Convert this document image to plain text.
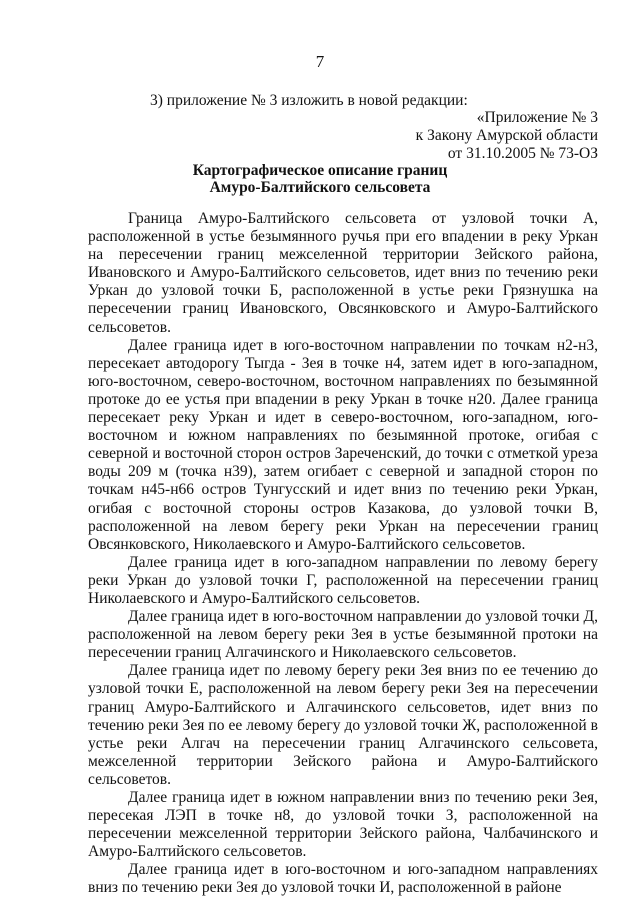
7
3) приложение № 3 изложить в новой редакции:
«Приложение № 3
к Закону Амурской области
от 31.10.2005 № 73-ОЗ
Картографическое описание границ
Амуро-Балтийского сельсовета

Граница Амуро-Балтийского сельсовета от узловой точки А, расположенной в устье безымянного ручья при его впадении в реку Уркан на пересечении границ межселенной территории Зейского района, Ивановского и Амуро-Балтийского сельсоветов, идет вниз по течению реки Уркан до узловой точки Б, расположенной в устье реки Грязнушка на пересечении границ Ивановского, Овсянковского и Амуро-Балтийского сельсоветов.

Далее граница идет в юго-восточном направлении по точкам н2-н3, пересекает автодорогу Тыгда - Зея в точке н4, затем идет в юго-западном, юго-восточном, северо-восточном, восточном направлениях по безымянной протоке до ее устья при впадении в реку Уркан в точке н20. Далее граница пересекает реку Уркан и идет в северо-восточном, юго-западном, юго-восточном и южном направлениях по безымянной протоке, огибая с северной и восточной сторон остров Зареченский, до точки с отметкой уреза воды 209 м (точка н39), затем огибает с северной и западной сторон по точкам н45-н66 остров Тунгусский и идет вниз по течению реки Уркан, огибая с восточной стороны остров Казакова, до узловой точки В, расположенной на левом берегу реки Уркан на пересечении границ Овсянковского, Николаевского и Амуро-Балтийского сельсоветов.

Далее граница идет в юго-западном направлении по левому берегу реки Уркан до узловой точки Г, расположенной на пересечении границ Николаевского и Амуро-Балтийского сельсоветов.

Далее граница идет в юго-восточном направлении до узловой точки Д, расположенной на левом берегу реки Зея в устье безымянной протоки на пересечении границ Алгачинского и Николаевского сельсоветов.

Далее граница идет по левому берегу реки Зея вниз по ее течению до узловой точки Е, расположенной на левом берегу реки Зея на пересечении границ Амуро-Балтийского и Алгачинского сельсоветов, идет вниз по течению реки Зея по ее левому берегу до узловой точки Ж, расположенной в устье реки Алгач на пересечении границ Алгачинского сельсовета, межселенной территории Зейского района и Амуро-Балтийского сельсоветов.

Далее граница идет в южном направлении вниз по течению реки Зея, пересекая ЛЭП в точке н8, до узловой точки З, расположенной на пересечении межселенной территории Зейского района, Чалбачинского и Амуро-Балтийского сельсоветов.

Далее граница идет в юго-восточном и юго-западном направлениях вниз по течению реки Зея до узловой точки И, расположенной в районе
